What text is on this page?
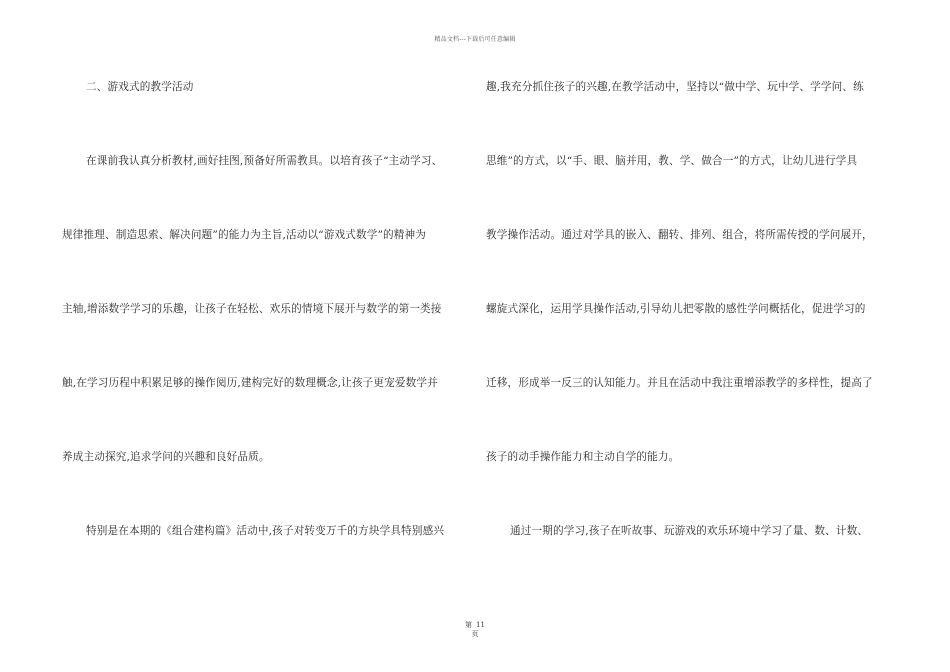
精品文档---下载后可任意编辑
二、游戏式的教学活动
在课前我认真分析教材,画好挂图,预备好所需教具。以培育孩子“主动学习、
规律推理、制造思索、解决问题”的能力为主旨,活动以“游戏式数学”的精神为
主轴,增添数学学习的乐趣，让孩子在轻松、欢乐的情境下展开与数学的第一类接
触,在学习历程中积累足够的操作阅历,建构完好的数理概念,让孩子更宠爱数学并
养成主动探究,追求学问的兴趣和良好品质。
特别是在本期的《组合建构篇》活动中,孩子对转变万千的方块学具特别感兴
趣,我充分抓住孩子的兴趣,在教学活动中，坚持以“做中学、玩中学、学学问、练
思维”的方式，以“手、眼、脑并用，教、学、做合一”的方式，让幼儿进行学具
教学操作活动。通过对学具的嵌入、翻转、排列、组合，将所需传授的学问展开，
螺旋式深化，运用学具操作活动,引导幼儿把零散的感性学问概括化，促进学习的
迁移，形成举一反三的认知能力。并且在活动中我注重增添教学的多样性，提高了
孩子的动手操作能力和主动自学的能力。
通过一期的学习,孩子在听故事、玩游戏的欢乐环境中学习了量、数、计数、
第 11
页
